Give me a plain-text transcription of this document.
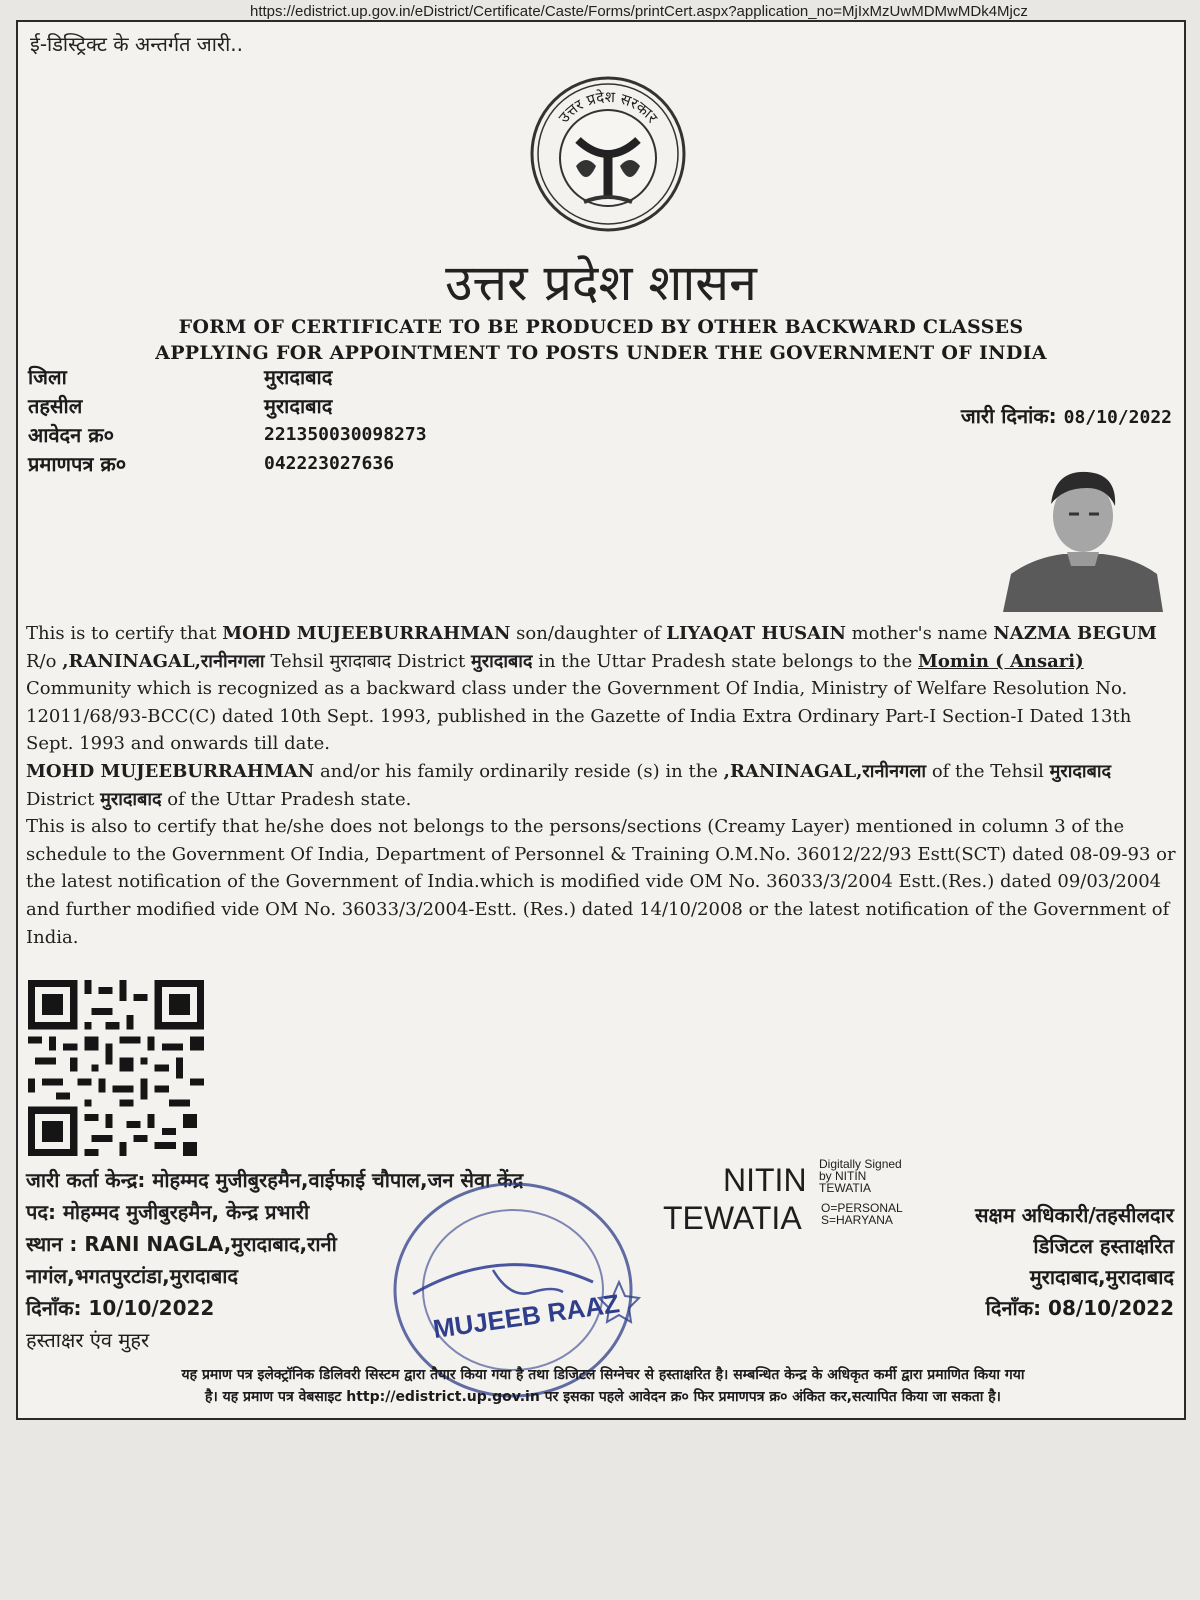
https://edistrict.up.gov.in/eDistrict/Certificate/Caste/Forms/printCert.aspx?application_no=MjIxMzUwMDMwMDk4Mjcz
ई-डिस्ट्रिक्ट के अन्तर्गत जारी..
उत्तर प्रदेश सरकार
उत्तर प्रदेश शासन
FORM OF CERTIFICATE TO BE PRODUCED BY OTHER BACKWARD CLASSES
APPLYING FOR APPOINTMENT TO POSTS UNDER THE GOVERNMENT OF INDIA
जिला	मुरादाबाद
तहसील	मुरादाबाद
आवेदन क्र०	221350030098273
प्रमाणपत्र क्र०	042223027636
जारी दिनांक: 08/10/2022

This is to certify that MOHD MUJEEBURRAHMAN son/daughter of LIYAQAT HUSAIN mother's name NAZMA BEGUM R/o ,RANINAGAL,रानीनगला Tehsil मुरादाबाद District मुरादाबाद in the Uttar Pradesh state belongs to the Momin ( Ansari) Community which is recognized as a backward class under the Government Of India, Ministry of Welfare Resolution No. 12011/68/93-BCC(C) dated 10th Sept. 1993, published in the Gazette of India Extra Ordinary Part-I Section-I Dated 13th Sept. 1993 and onwards till date.

MOHD MUJEEBURRAHMAN and/or his family ordinarily reside (s) in the ,RANINAGAL,रानीनगला of the Tehsil मुरादाबाद District मुरादाबाद of the Uttar Pradesh state.

This is also to certify that he/she does not belongs to the persons/sections (Creamy Layer) mentioned in column 3 of the schedule to the Government Of India, Department of Personnel & Training O.M.No. 36012/22/93 Estt(SCT) dated 08-09-93 or the latest notification of the Government of India.which is modified vide OM No. 36033/3/2004 Estt.(Res.) dated 09/03/2004 and further modified vide OM No. 36033/3/2004-Estt. (Res.) dated 14/10/2008 or the latest notification of the Government of India.

जारी कर्ता केन्द्र: मोहम्मद मुजीबुरहमैन,वाईफाई चौपाल,जन सेवा केंद्र
पद: मोहम्मद मुजीबुरहमैन, केन्द्र प्रभारी
स्थान : RANI NAGLA,मुरादाबाद,रानी
नागंल,भगतपुरटांडा,मुरादाबाद
दिनाँक: 10/10/2022
हस्ताक्षर एंव मुहर	MUJEEB RAAZ
NITIN Digitally Signed
by NITIN
TEWATIA
TEWATIA O=PERSONAL
S=HARYANA	सक्षम अधिकारी/तहसीलदार
डिजिटल हस्ताक्षरित
मुरादाबाद,मुरादाबाद
दिनाँक: 08/10/2022
यह प्रमाण पत्र इलेक्ट्रॉनिक डिलिवरी सिस्टम द्वारा तैयार किया गया है तथा डिजिटल सिग्नेचर से हस्ताक्षरित है। सम्बन्धित केन्द्र के अधिकृत कर्मी द्वारा प्रमाणित किया गया
है। यह प्रमाण पत्र वेबसाइट http://edistrict.up.gov.in पर इसका पहले आवेदन क्र० फिर प्रमाणपत्र क्र० अंकित कर,सत्यापित किया जा सकता है।
